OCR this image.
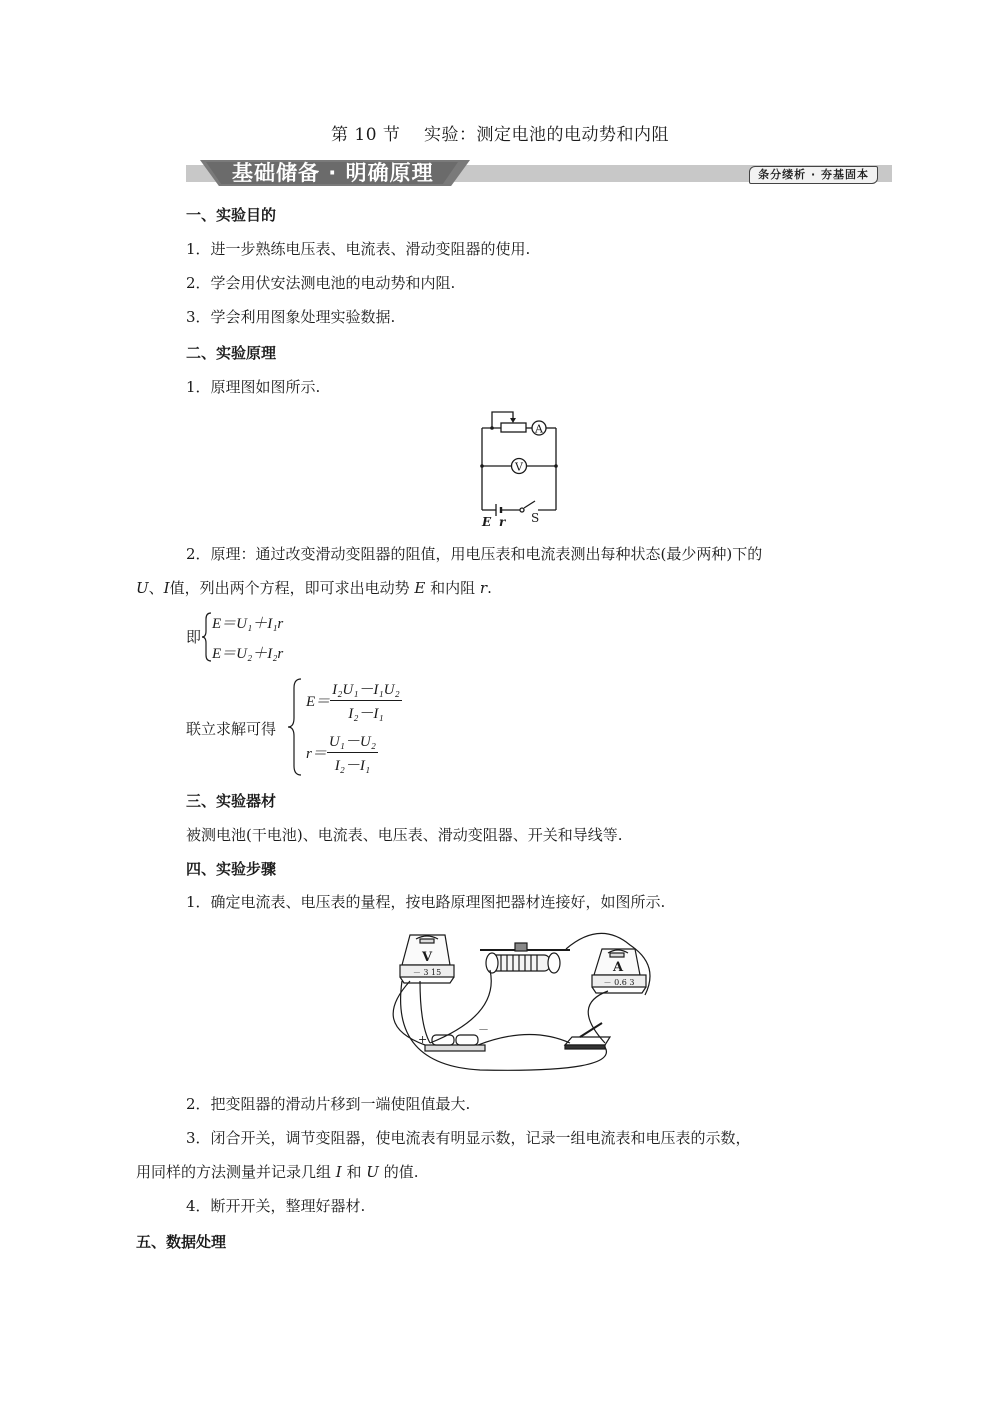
第 10 节    实验：测定电池的电动势和内阻
基础储备 · 明确原理	条分缕析 · 夯基固本
一、实验目的
1．进一步熟练电压表、电流表、滑动变阻器的使用.
2．学会用伏安法测电池的电动势和内阻.
3．学会利用图象处理实验数据.
二、实验原理
1．原理图如图所示.
A
V
E r S
2．原理：通过改变滑动变阻器的阻值，用电压表和电流表测出每种状态(最少两种)下的
U、I值，列出两个方程，即可求出电动势 E 和内阻 r.
即
E＝U₁＋I₁r
E＝U₂＋I₂r
联立求解可得
$E= \frac{\text{I₂U₁－I₁U₂}}{\text{I₂－I₁}}$
$r= \frac{\text{U₁－U₂}}{\text{I₂－I₁}}$
三、实验器材
被测电池(干电池)、电流表、电压表、滑动变阻器、开关和导线等.
四、实验步骤
1．确定电流表、电压表的量程，按电路原理图把器材连接好，如图所示.
V
－ 3 15	A
－ 0.6 3
+
－
2．把变阻器的滑动片移到一端使阻值最大.
3．闭合开关，调节变阻器，使电流表有明显示数，记录一组电流表和电压表的示数，
用同样的方法测量并记录几组 I 和 U 的值.
4．断开开关，整理好器材.
五、数据处理
